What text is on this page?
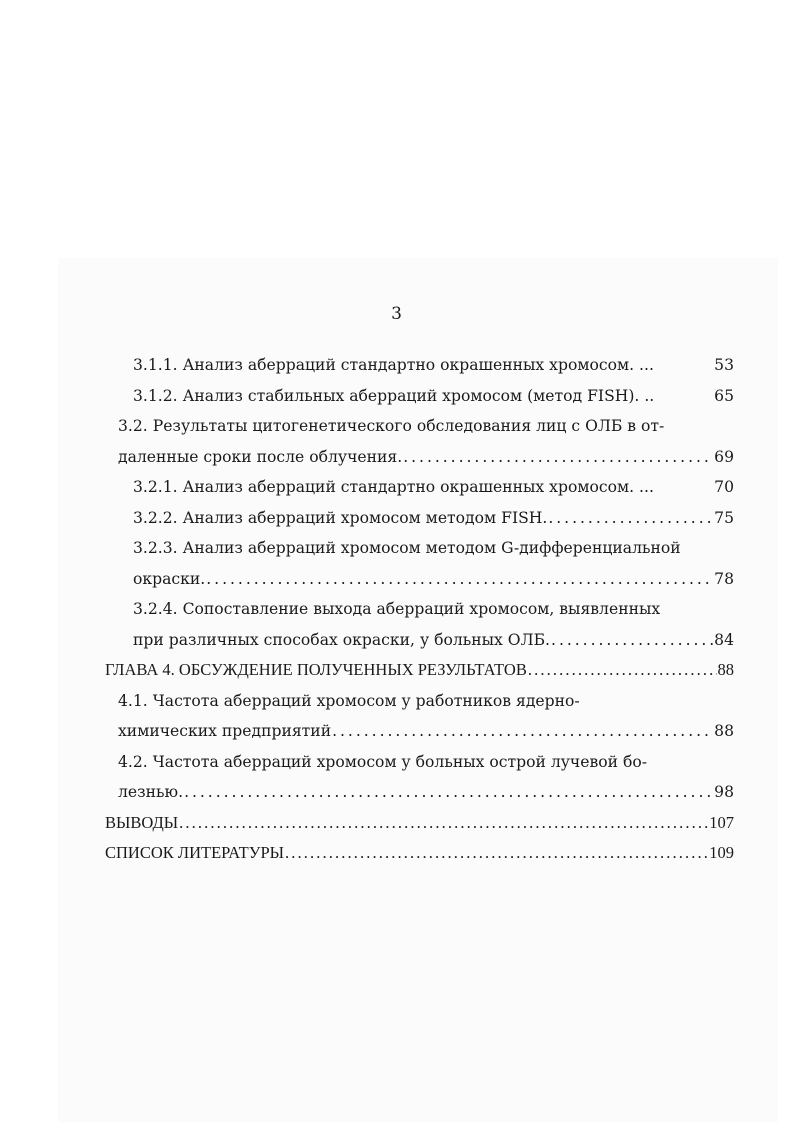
3
3.1.1. Анализ аберраций стандартно окрашенных хромосом. ...	53
3.1.2. Анализ стабильных аберраций хромосом (метод FISH). ..	65
3.2. Результаты цитогенетического обследования лиц с ОЛБ в от-
даленные сроки после облучения. . . .	69
3.2.1. Анализ аберраций стандартно окрашенных хромосом. ...	70
3.2.2. Анализ аберраций хромосом методом FISH. . . .	75
3.2.3. Анализ аберраций хромосом методом G-дифференциальной
окраски. . . .	78
3.2.4. Сопоставление выхода аберраций хромосом, выявленных
при различных способах окраски, у больных ОЛБ. . . .	84
ГЛАВА 4. ОБСУЖДЕНИЕ ПОЛУЧЕННЫХ РЕЗУЛЬТАТОВ . . .	88
4.1. Частота аберраций хромосом у работников ядерно-
химических предприятий . . .	88
4.2. Частота аберраций хромосом у больных острой лучевой бо-
лезнью. . . .	98
ВЫВОДЫ . . .	107
СПИСОК ЛИТЕРАТУРЫ . . .	109
